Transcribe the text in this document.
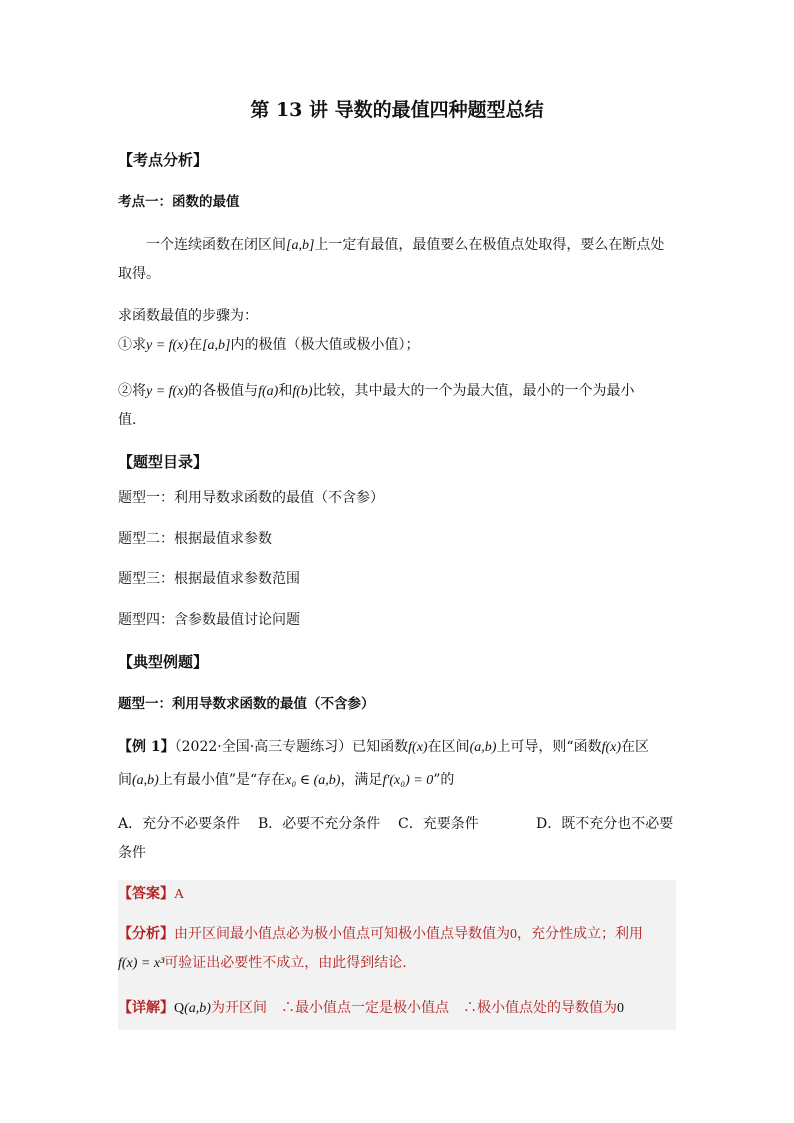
第 13 讲 导数的最值四种题型总结
【考点分析】
考点一：函数的最值
一个连续函数在闭区间[a,b]上一定有最值，最值要么在极值点处取得，要么在断点处
取得。
求函数最值的步骤为：
①求y = f(x)在[a,b]内的极值（极大值或极小值）；
②将y = f(x)的各极值与f(a)和f(b)比较，其中最大的一个为最大值，最小的一个为最小
值.
【题型目录】
题型一：利用导数求函数的最值（不含参）
题型二：根据最值求参数
题型三：根据最值求参数范围
题型四：含参数最值讨论问题
【典型例题】
题型一：利用导数求函数的最值（不含参）
【例 1】（2022·全国·高三专题练习）已知函数f(x)在区间(a,b)上可导，则“函数f(x)在区
间(a,b)上有最小值”是“存在x₀ ∈ (a,b)，满足f′(x₀) = 0”的
A．充分不必要条件 B．必要不充分条件 C．充要条件	D．既不充分也不必要
条件
【答案】A
【分析】由开区间最小值点必为极小值点可知极小值点导数值为0，充分性成立；利用
f(x) = x³可验证出必要性不成立，由此得到结论.
【详解】Q(a,b)为开区间 ∴最小值点一定是极小值点 ∴极小值点处的导数值为0
